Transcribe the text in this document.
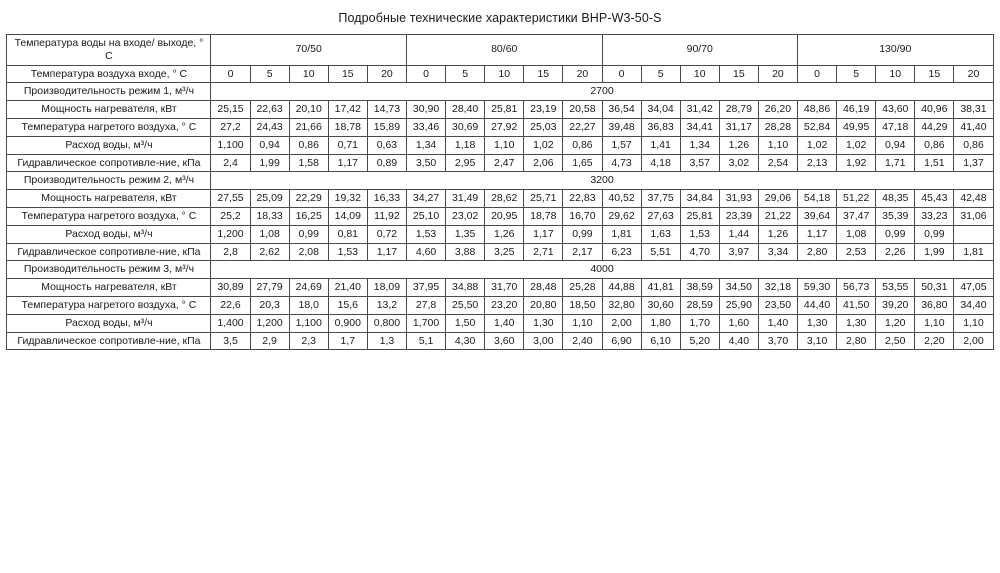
Подробные технические характеристики BHP-W3-50-S
Температура воды на входе/ выходе, ° С	70/50					80/60					90/70					130/90				
Температура воздуха входе, ° С	0	5	10	15	20	0	5	10	15	20	0	5	10	15	20	0	5	10	15	20
Производительность режим 1, м³/ч	2700																			
Мощность нагревателя, кВт	25,15	22,63	20,10	17,42	14,73	30,90	28,40	25,81	23,19	20,58	36,54	34,04	31,42	28,79	26,20	48,86	46,19	43,60	40,96	38,31
Температура нагретого воздуха, ° С	27,2	24,43	21,66	18,78	15,89	33,46	30,69	27,92	25,03	22,27	39,48	36,83	34,41	31,17	28,28	52,84	49,95	47,18	44,29	41,40
Расход воды, м³/ч	1,100	0,94	0,86	0,71	0,63	1,34	1,18	1,10	1,02	0,86	1,57	1,41	1,34	1,26	1,10	1,02	1,02	0,94	0,86	0,86
Гидравлическое сопротивле-ние, кПа	2,4	1,99	1,58	1,17	0,89	3,50	2,95	2,47	2,06	1,65	4,73	4,18	3,57	3,02	2,54	2,13	1,92	1,71	1,51	1,37
Производительность режим 2, м³/ч	3200																			
Мощность нагревателя, кВт	27,55	25,09	22,29	19,32	16,33	34,27	31,49	28,62	25,71	22,83	40,52	37,75	34,84	31,93	29,06	54,18	51,22	48,35	45,43	42,48
Температура нагретого воздуха, ° С	25,2	18,33	16,25	14,09	11,92	25,10	23,02	20,95	18,78	16,70	29,62	27,63	25,81	23,39	21,22	39,64	37,47	35,39	33,23	31,06
Расход воды, м³/ч	1,200	1,08	0,99	0,81	0,72	1,53	1,35	1,26	1,17	0,99	1,81	1,63	1,53	1,44	1,26	1,17	1,08	0,99	0,99	
Гидравлическое сопротивле-ние, кПа	2,8	2,62	2,08	1,53	1,17	4,60	3,88	3,25	2,71	2,17	6,23	5,51	4,70	3,97	3,34	2,80	2,53	2,26	1,99	1,81
Производительность режим 3, м³/ч	4000																			
Мощность нагревателя, кВт	30,89	27,79	24,69	21,40	18,09	37,95	34,88	31,70	28,48	25,28	44,88	41,81	38,59	34,50	32,18	59,30	56,73	53,55	50,31	47,05
Температура нагретого воздуха, ° С	22,6	20,3	18,0	15,6	13,2	27,8	25,50	23,20	20,80	18,50	32,80	30,60	28,59	25,90	23,50	44,40	41,50	39,20	36,80	34,40
Расход воды, м³/ч	1,400	1,200	1,100	0,900	0,800	1,700	1,50	1,40	1,30	1,10	2,00	1,80	1,70	1,60	1,40	1,30	1,30	1,20	1,10	1,10
Гидравлическое сопротивле-ние, кПа	3,5	2,9	2,3	1,7	1,3	5,1	4,30	3,60	3,00	2,40	6,90	6,10	5,20	4,40	3,70	3,10	2,80	2,50	2,20	2,00
